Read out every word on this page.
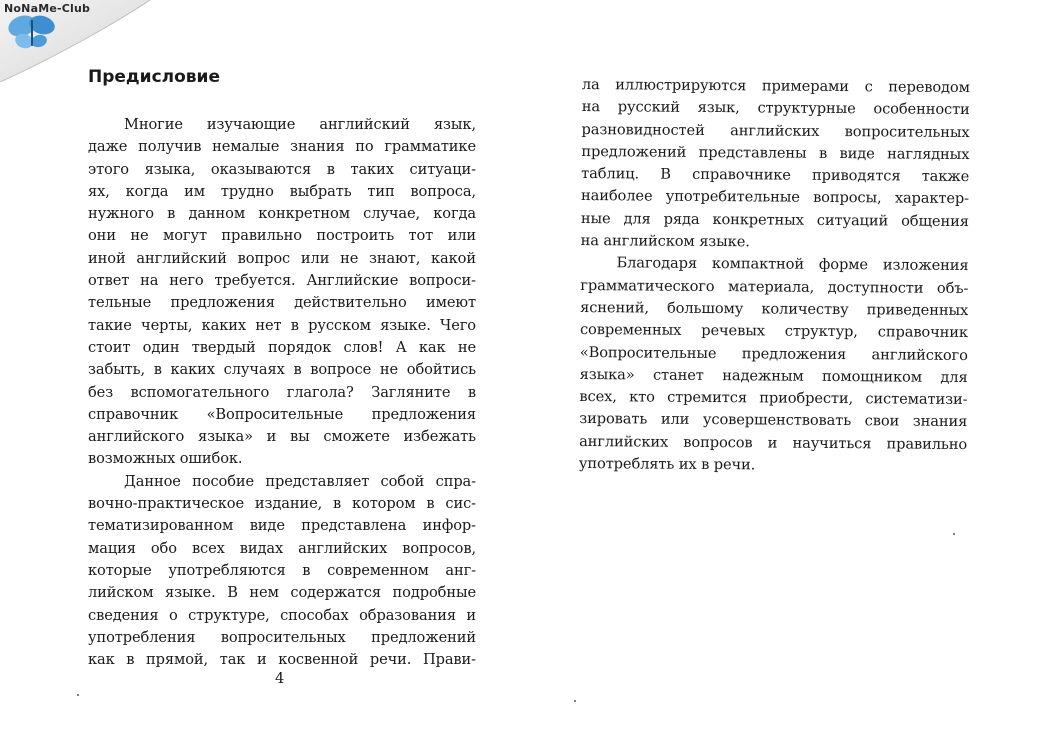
NoNaMe-Club
Предисловие
Многие изучающие английский язык,
даже получив немалые знания по грамматике
этого языка, оказываются в таких ситуаци-
ях, когда им трудно выбрать тип вопроса,
нужного в данном конкретном случае, когда
они не могут правильно построить тот или
иной английский вопрос или не знают, какой
ответ на него требуется. Английские вопроси-
тельные предложения действительно имеют
такие черты, каких нет в русском языке. Чего
стоит один твердый порядок слов! А как не
забыть, в каких случаях в вопросе не обойтись
без вспомогательного глагола? Загляните в
справочник «Вопросительные предложения
английского языка» и вы сможете избежать
возможных ошибок.
Данное пособие представляет собой спра-
вочно-практическое издание, в котором в сис-
тематизированном виде представлена инфор-
мация обо всех видах английских вопросов,
которые употребляются в современном анг-
лийском языке. В нем содержатся подробные
сведения о структуре, способах образования и
употребления вопросительных предложений
как в прямой, так и косвенной речи. Прави-
4
ла иллюстрируются примерами с переводом
на русский язык, структурные особенности
разновидностей английских вопросительных
предложений представлены в виде наглядных
таблиц. В справочнике приводятся также
наиболее употребительные вопросы, характер-
ные для ряда конкретных ситуаций общения
на английском языке.
Благодаря компактной форме изложения
грамматического материала, доступности объ-
яснений, большому количеству приведенных
современных речевых структур, справочник
«Вопросительные предложения английского
языка» станет надежным помощником для
всех, кто стремится приобрести, систематизи-
зировать или усовершенствовать свои знания
английских вопросов и научиться правильно
употреблять их в речи.
